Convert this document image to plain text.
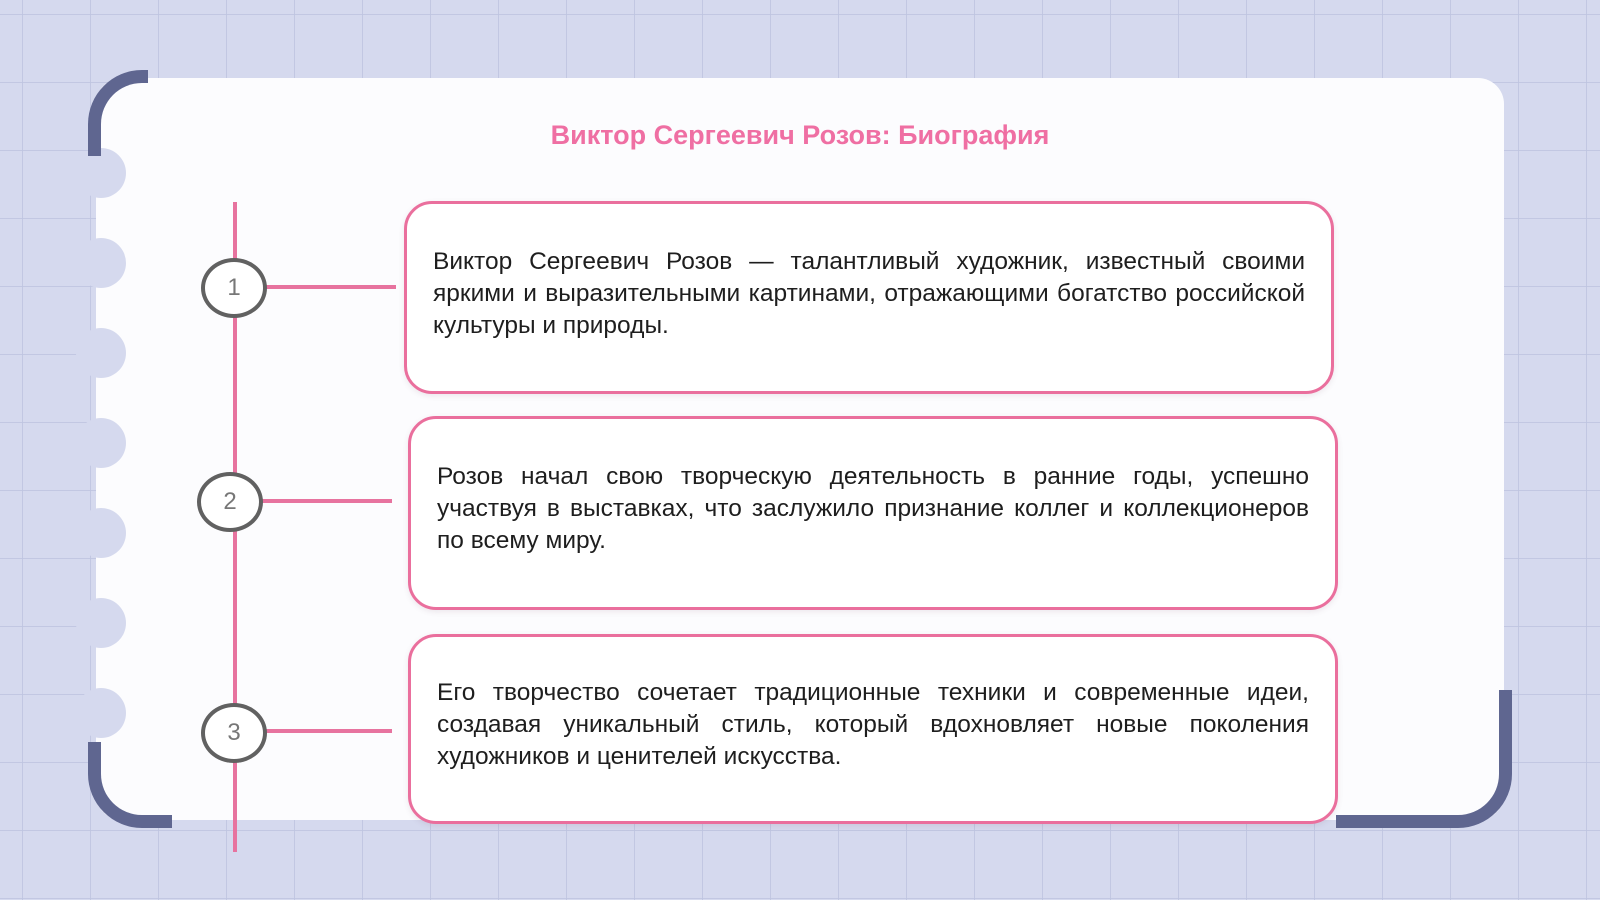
Виктор Сергеевич Розов: Биография
1

Виктор Сергеевич Розов — талантливый художник, известный своими яркими и выразительными картинами, отражающими богатство российской культуры и природы.

2

Розов начал свою творческую деятельность в ранние годы, успешно участвуя в выставках, что заслужило признание коллег и коллекционеров по всему миру.

3

Его творчество сочетает традиционные техники и современные идеи, создавая уникальный стиль, который вдохновляет новые поколения художников и ценителей искусства.
